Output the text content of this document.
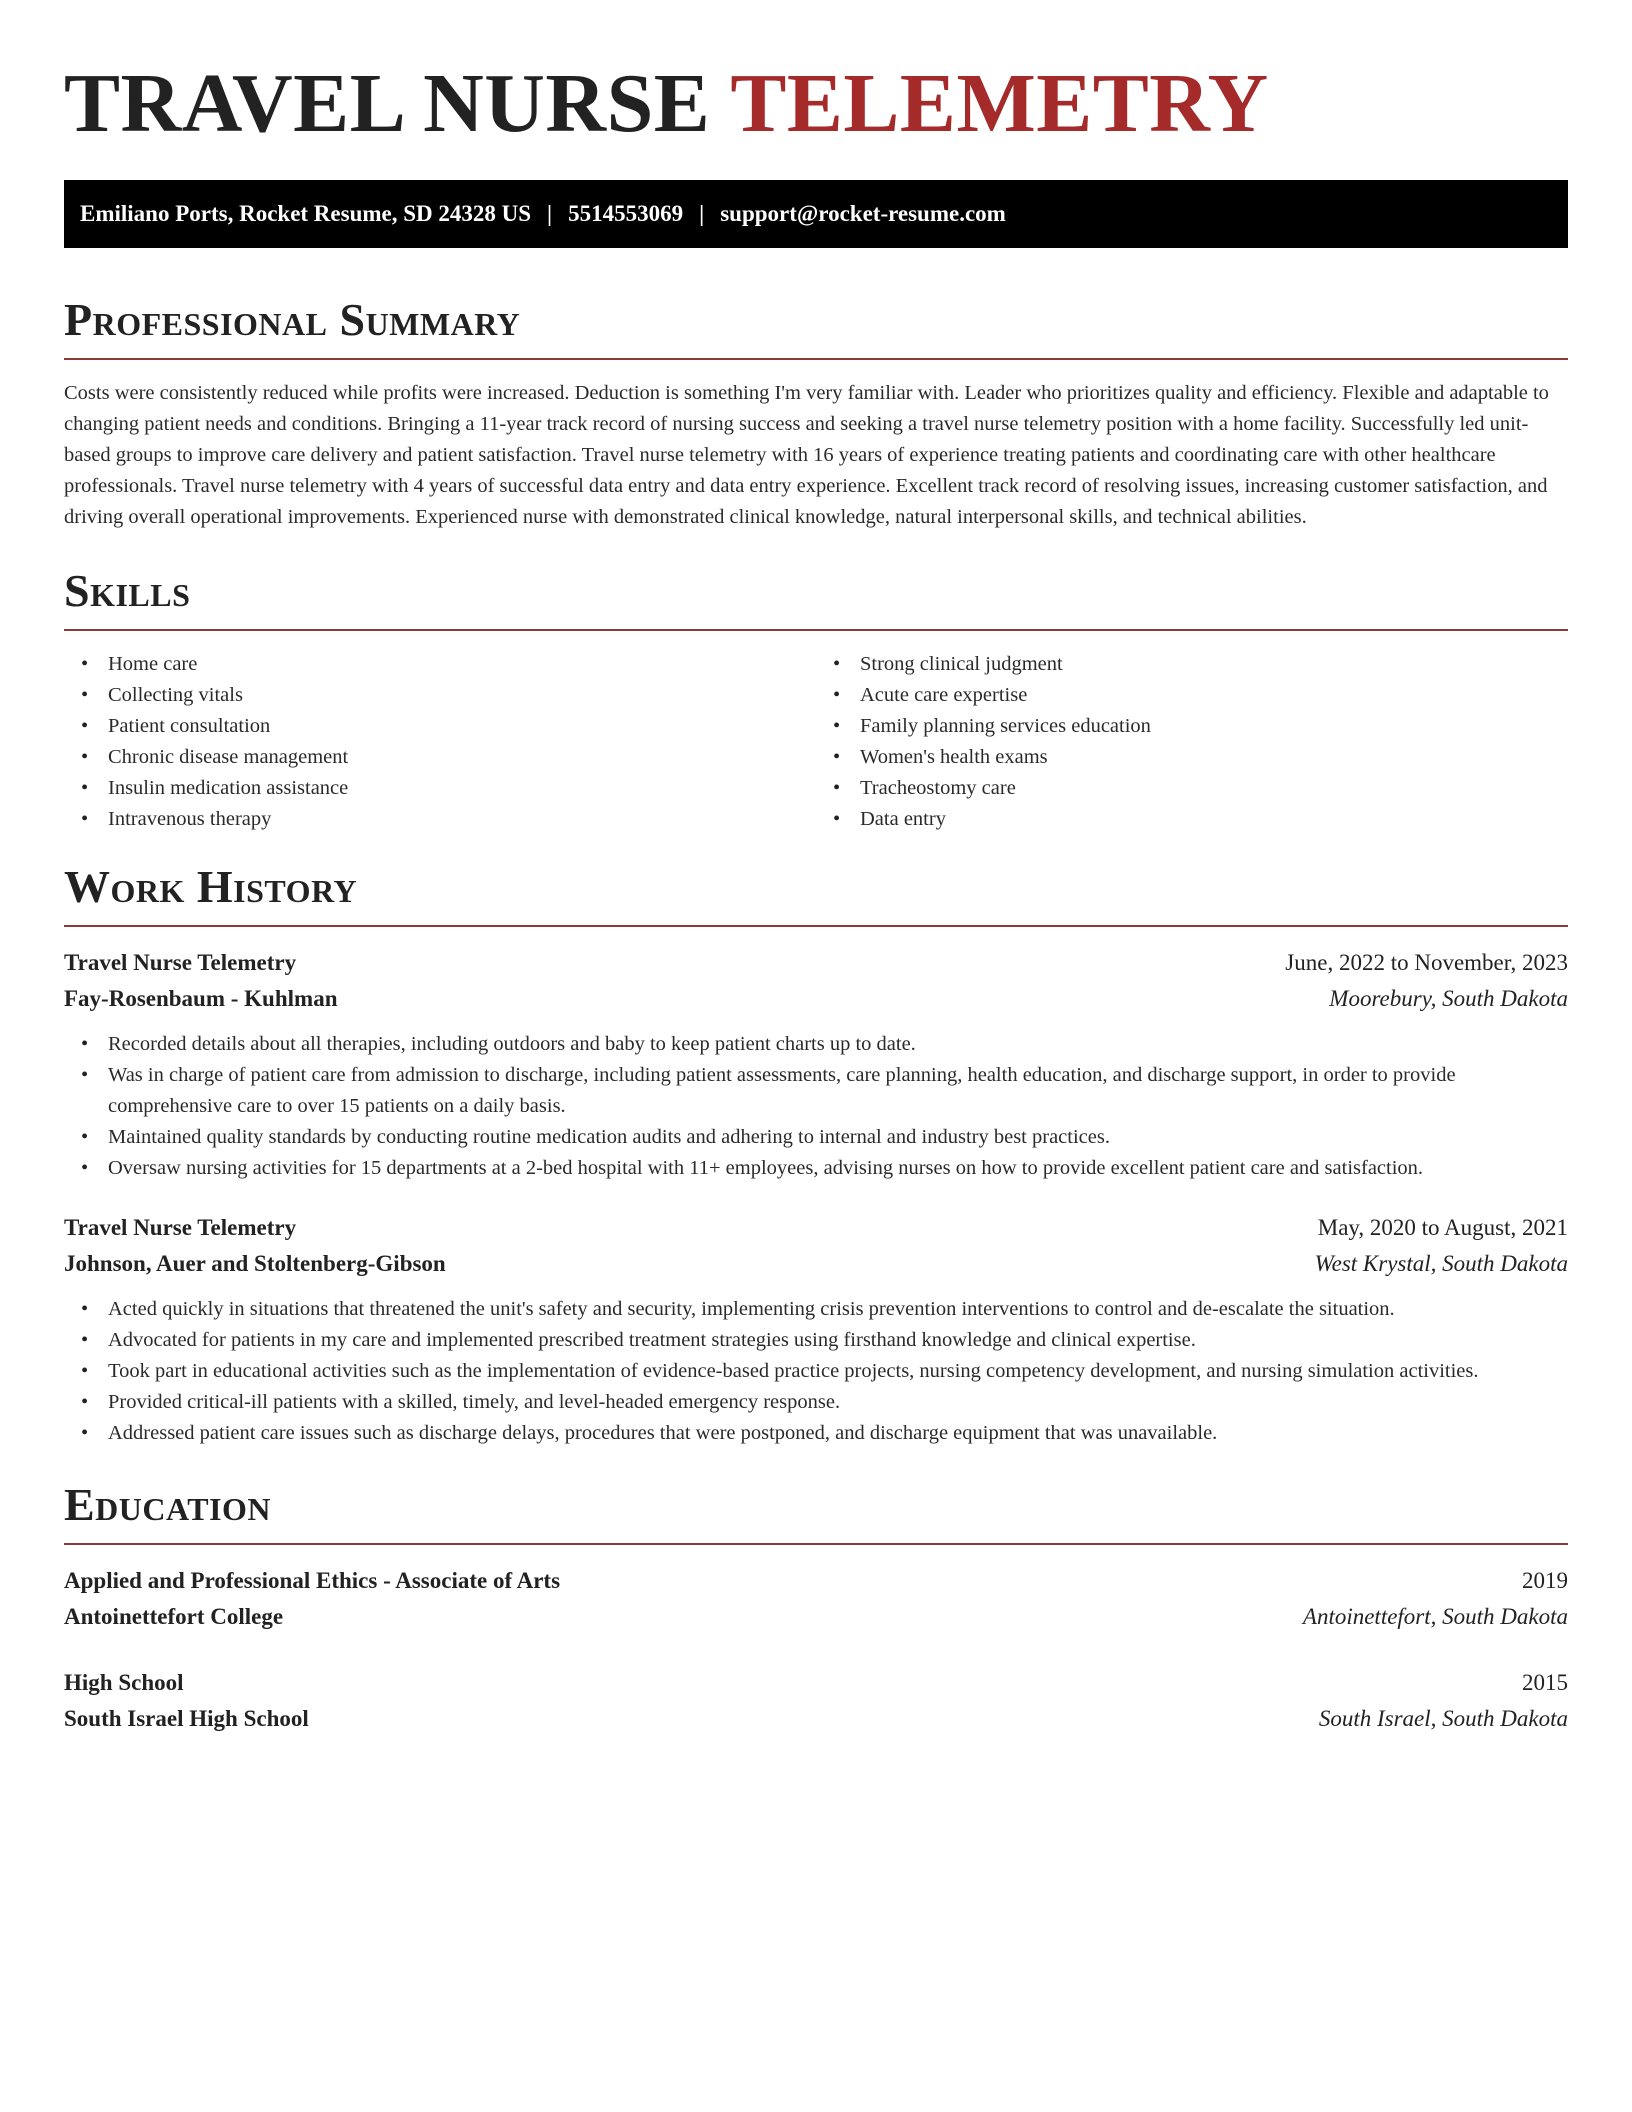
TRAVEL NURSE TELEMETRY
Emiliano Ports, Rocket Resume, SD 24328 US | 5514553069 | support@rocket-resume.com
Professional Summary

Costs were consistently reduced while profits were increased. Deduction is something I'm very familiar with. Leader who prioritizes quality and efficiency. Flexible and adaptable to changing patient needs and conditions. Bringing a 11-year track record of nursing success and seeking a travel nurse telemetry position with a home facility. Successfully led unit-based groups to improve care delivery and patient satisfaction. Travel nurse telemetry with 16 years of experience treating patients and coordinating care with other healthcare professionals. Travel nurse telemetry with 4 years of successful data entry and data entry experience. Excellent track record of resolving issues, increasing customer satisfaction, and driving overall operational improvements. Experienced nurse with demonstrated clinical knowledge, natural interpersonal skills, and technical abilities.

Skills
• Home care
• Collecting vitals
• Patient consultation
• Chronic disease management
• Insulin medication assistance
• Intravenous therapy
• Strong clinical judgment
• Acute care expertise
• Family planning services education
• Women's health exams
• Tracheostomy care
• Data entry
Work History
Travel Nurse Telemetry	June, 2022 to November, 2023
Fay-Rosenbaum - Kuhlman	Moorebury, South Dakota
• Recorded details about all therapies, including outdoors and baby to keep patient charts up to date.
• Was in charge of patient care from admission to discharge, including patient assessments, care planning, health education, and discharge support, in order to provide comprehensive care to over 15 patients on a daily basis.
• Maintained quality standards by conducting routine medication audits and adhering to internal and industry best practices.
• Oversaw nursing activities for 15 departments at a 2-bed hospital with 11+ employees, advising nurses on how to provide excellent patient care and satisfaction.
Travel Nurse Telemetry	May, 2020 to August, 2021
Johnson, Auer and Stoltenberg-Gibson	West Krystal, South Dakota
• Acted quickly in situations that threatened the unit's safety and security, implementing crisis prevention interventions to control and de-escalate the situation.
• Advocated for patients in my care and implemented prescribed treatment strategies using firsthand knowledge and clinical expertise.
• Took part in educational activities such as the implementation of evidence-based practice projects, nursing competency development, and nursing simulation activities.
• Provided critical-ill patients with a skilled, timely, and level-headed emergency response.
• Addressed patient care issues such as discharge delays, procedures that were postponed, and discharge equipment that was unavailable.
Education
Applied and Professional Ethics - Associate of Arts	2019
Antoinettefort College	Antoinettefort, South Dakota
High School	2015
South Israel High School	South Israel, South Dakota
